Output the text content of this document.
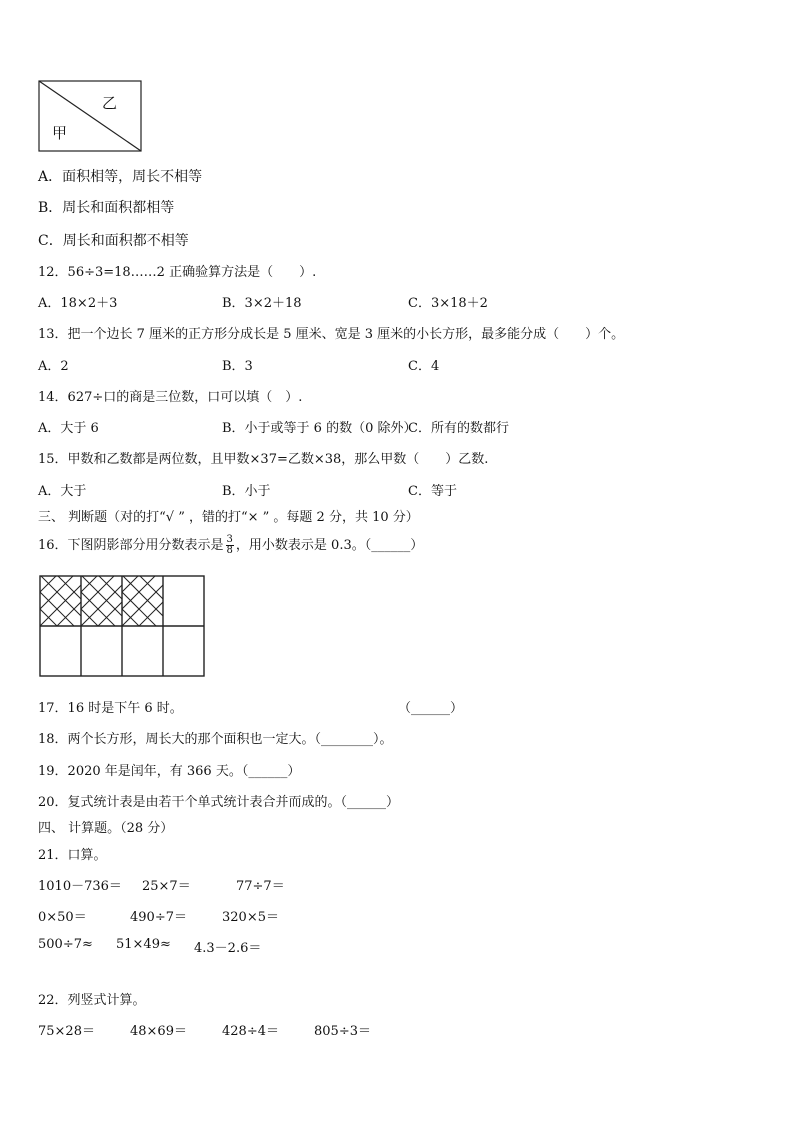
乙
甲
A．面积相等，周长不相等
B．周长和面积都相等
C．周长和面积都不相等
12．56÷3=18……2 正确验算方法是（　　）.
A．18×2＋3	B．3×2＋18	C．3×18＋2
13．把一个边长 7 厘米的正方形分成长是 5 厘米、宽是 3 厘米的小长方形，最多能分成（　　）个。
A．2	B．3	C．4
14．627÷口的商是三位数，口可以填（　）.
A．大于 6	B．小于或等于 6 的数（0 除外）
C．所有的数都行
15．甲数和乙数都是两位数，且甲数×37=乙数×38，那么甲数（　　）乙数.
A．大于	B．小于	C．等于
三、 判断题（对的打“√ ” ，错的打“× ” 。每题 2 分，共 10 分）
16．下图阴影部分用分数表示是 $\frac{3}{8}$ ，用小数表示是 0.3。（______）
17．16 时是下午 6 时。	（______）
18．两个长方形，周长大的那个面积也一定大。（________）。
19．2020 年是闰年，有 366 天。（______）
20．复式统计表是由若干个单式统计表合并而成的。（______）
四、 计算题。（28 分）
21．口算。
1010－736＝ 25×7＝	77÷7＝
0×50＝	490÷7＝	320×5＝
500÷7≈ 51×49≈ 4.3－2.6＝
22．列竖式计算。
75×28＝	48×69＝	428÷4＝	805÷3＝
